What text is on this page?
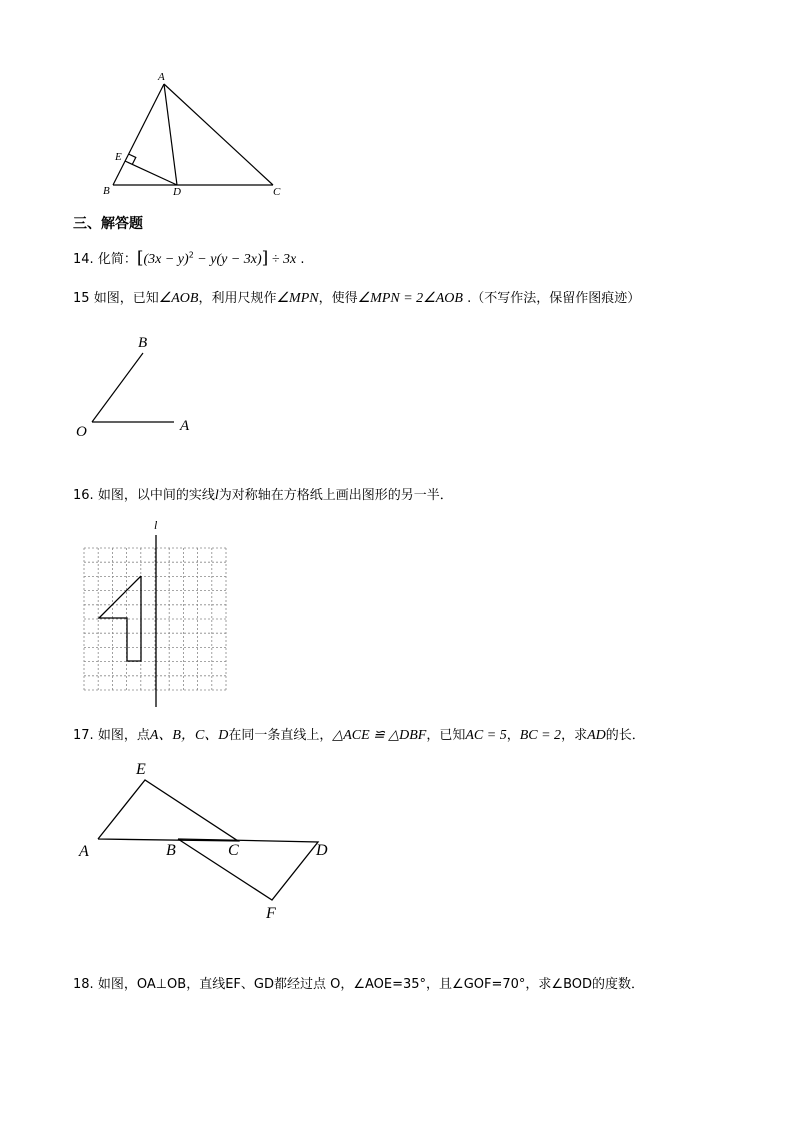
A
E
B	D	C
三、解答题
14. 化简：$[(3x - y)^2 - y(y - 3x)] \div 3x$ .
15 如图，已知∠AOB，利用尺规作∠MPN，使得∠MPN = 2∠AOB .（不写作法，保留作图痕迹）
B
O	A
16. 如图，以中间的实线l为对称轴在方格纸上画出图形的另一半．
l
17. 如图，点A、B，C、D在同一条直线上，△ACE ≌ △DBF，已知AC = 5，BC = 2，求AD的长．
E
A	B	C	D
F
18. 如图，OA⊥OB，直线EF、GD都经过点 O，∠AOE=35°，且∠GOF=70°，求∠BOD的度数．
